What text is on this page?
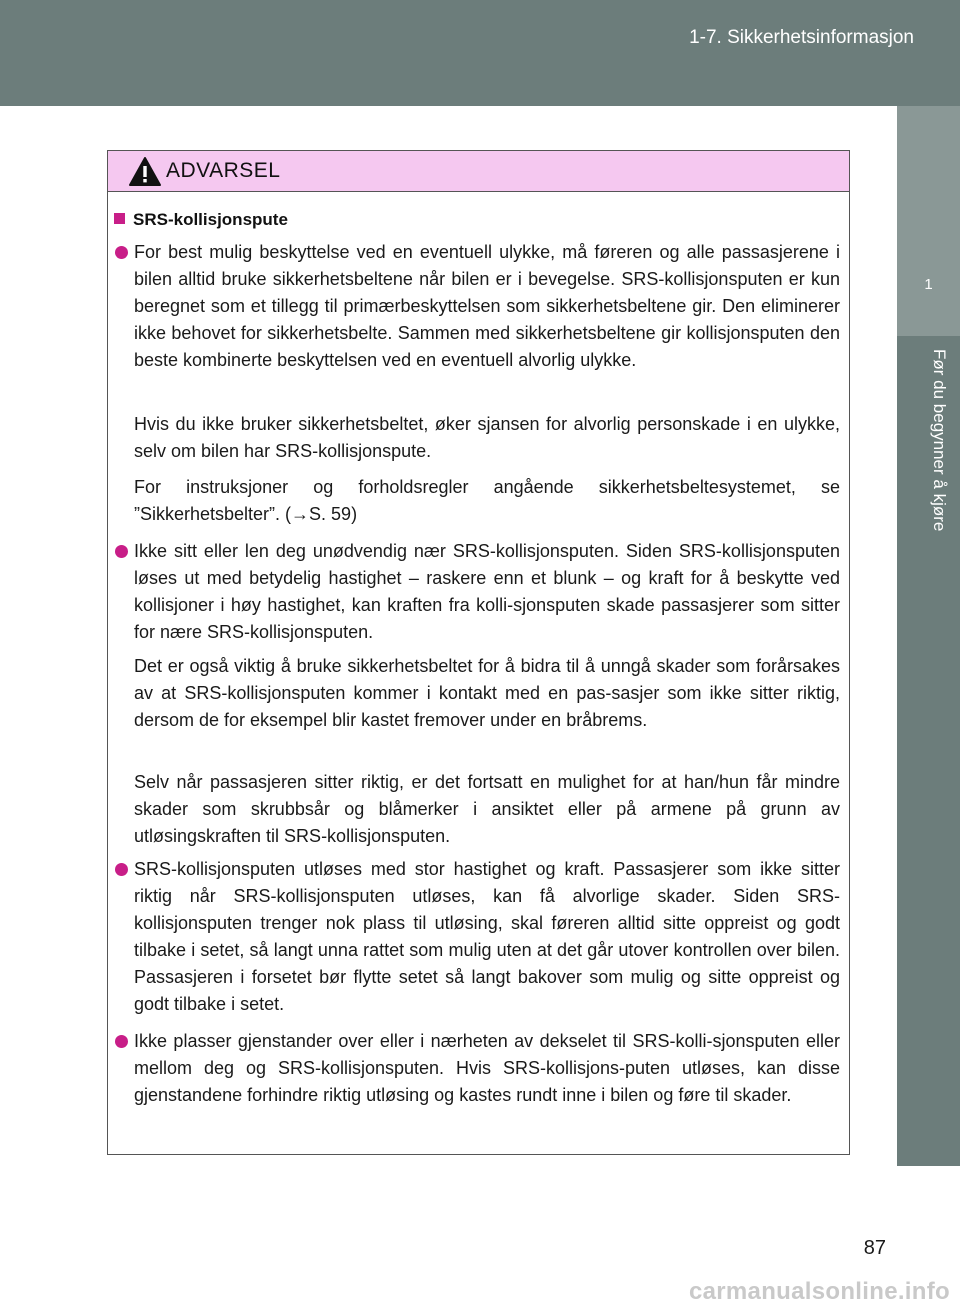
1-7. Sikkerhetsinformasjon
1
Før du begynner å kjøre
ADVARSEL
SRS-kollisjonspute
For best mulig beskyttelse ved en eventuell ulykke, må føreren og alle passasjerene i bilen alltid bruke sikkerhetsbeltene når bilen er i bevegelse. SRS-kollisjonsputen er kun beregnet som et tillegg til primærbeskyttelsen som sikkerhetsbeltene gir. Den eliminerer ikke behovet for sikkerhetsbelte. Sammen med sikkerhetsbeltene gir kollisjonsputen den beste kombinerte beskyttelsen ved en eventuell alvorlig ulykke.
Hvis du ikke bruker sikkerhetsbeltet, øker sjansen for alvorlig personskade i en ulykke, selv om bilen har SRS-kollisjonspute.
For instruksjoner og forholdsregler angående sikkerhetsbeltesystemet, se ”Sikkerhetsbelter”. (→S. 59)
Ikke sitt eller len deg unødvendig nær SRS-kollisjonsputen. Siden SRS-kollisjonsputen løses ut med betydelig hastighet – raskere enn et blunk – og kraft for å beskytte ved kollisjoner i høy hastighet, kan kraften fra kolli-sjonsputen skade passasjerer som sitter for nære SRS-kollisjonsputen.
Det er også viktig å bruke sikkerhetsbeltet for å bidra til å unngå skader som forårsakes av at SRS-kollisjonsputen kommer i kontakt med en pas-sasjer som ikke sitter riktig, dersom de for eksempel blir kastet fremover under en bråbrems.
Selv når passasjeren sitter riktig, er det fortsatt en mulighet for at han/hun får mindre skader som skrubbsår og blåmerker i ansiktet eller på armene på grunn av utløsingskraften til SRS-kollisjonsputen.
SRS-kollisjonsputen utløses med stor hastighet og kraft. Passasjerer som ikke sitter riktig når SRS-kollisjonsputen utløses, kan få alvorlige skader. Siden SRS-kollisjonsputen trenger nok plass til utløsing, skal føreren alltid sitte oppreist og godt tilbake i setet, så langt unna rattet som mulig uten at det går utover kontrollen over bilen. Passasjeren i forsetet bør flytte setet så langt bakover som mulig og sitte oppreist og godt tilbake i setet.
Ikke plasser gjenstander over eller i nærheten av dekselet til SRS-kolli-sjonsputen eller mellom deg og SRS-kollisjonsputen. Hvis SRS-kollisjons-puten utløses, kan disse gjenstandene forhindre riktig utløsing og kastes rundt inne i bilen og føre til skader.
87
carmanualsonline.info
